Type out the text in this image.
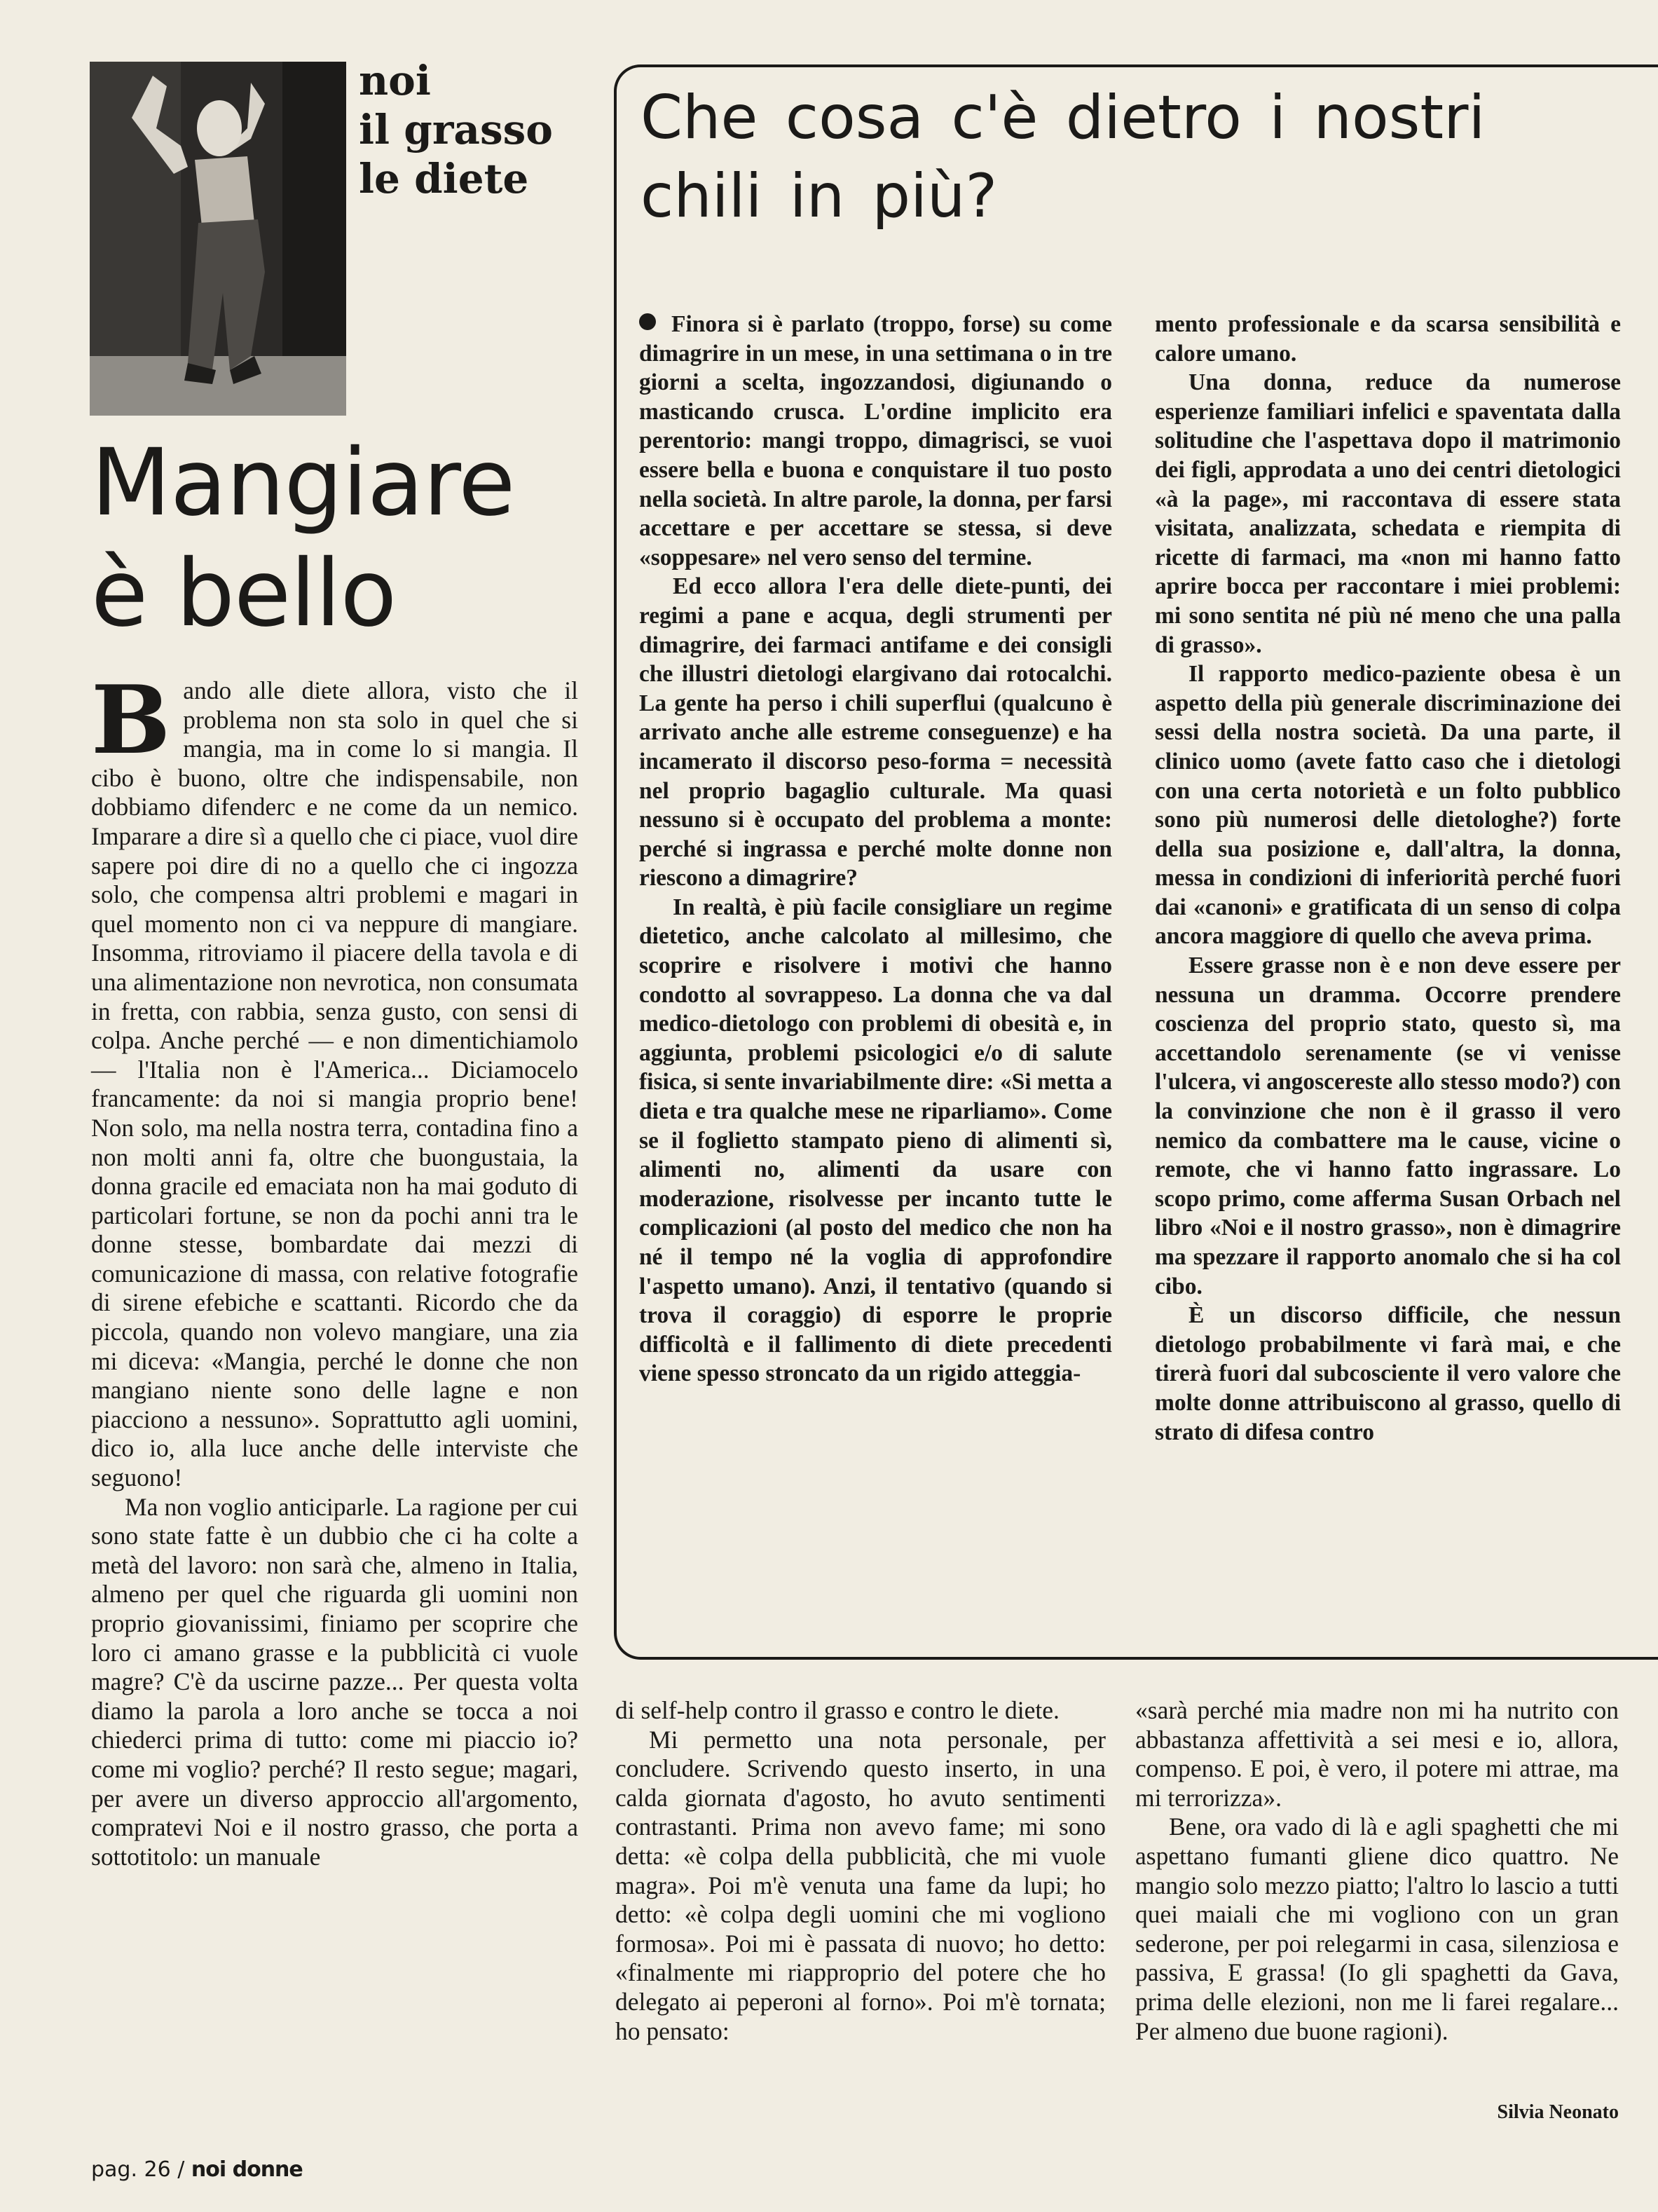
noi
il grasso
le diete
Mangiare
è bello

Bando alle diete allora, visto che il problema non sta solo in quel che si mangia, ma in come lo si mangia. Il cibo è buono, oltre che indispensabile, non dobbiamo difenderc e ne come da un nemico. Imparare a dire sì a quello che ci piace, vuol dire sapere poi dire di no a quello che ci ingozza solo, che compensa altri problemi e magari in quel momento non ci va neppure di mangiare. Insomma, ritroviamo il piacere della tavola e di una alimentazione non nevrotica, non consumata in fretta, con rabbia, senza gusto, con sensi di colpa. Anche perché — e non dimentichiamolo — l'Italia non è l'America... Diciamocelo francamente: da noi si mangia proprio bene! Non solo, ma nella nostra terra, contadina fino a non molti anni fa, oltre che buongustaia, la donna gracile ed emaciata non ha mai goduto di particolari fortune, se non da pochi anni tra le donne stesse, bombardate dai mezzi di comunicazione di massa, con relative fotografie di sirene efebiche e scattanti. Ricordo che da piccola, quando non volevo mangiare, una zia mi diceva: «Mangia, perché le donne che non mangiano niente sono delle lagne e non piacciono a nessuno». Soprattutto agli uomini, dico io, alla luce anche delle interviste che seguono!

Ma non voglio anticiparle. La ragione per cui sono state fatte è un dubbio che ci ha colte a metà del lavoro: non sarà che, almeno in Italia, almeno per quel che riguarda gli uomini non proprio giovanissimi, finiamo per scoprire che loro ci amano grasse e la pubblicità ci vuole magre? C'è da uscirne pazze... Per questa volta diamo la parola a loro anche se tocca a noi chiederci prima di tutto: come mi piaccio io? come mi voglio? perché? Il resto segue; magari, per avere un diverso approccio all'argomento, compratevi Noi e il nostro grasso, che porta a sottotitolo: un manuale

Che cosa c'è dietro i nostri
chili in più?

Finora si è parlato (troppo, forse) su come dimagrire in un mese, in una settimana o in tre giorni a scelta, ingozzandosi, digiunando o masticando crusca. L'ordine implicito era perentorio: mangi troppo, dimagrisci, se vuoi essere bella e buona e conquistare il tuo posto nella società. In altre parole, la donna, per farsi accettare e per accettare se stessa, si deve «soppesare» nel vero senso del termine.

Ed ecco allora l'era delle diete-punti, dei regimi a pane e acqua, degli strumenti per dimagrire, dei farmaci antifame e dei consigli che illustri dietologi elargivano dai rotocalchi. La gente ha perso i chili superflui (qualcuno è arrivato anche alle estreme conseguenze) e ha incamerato il discorso peso-forma = necessità nel proprio bagaglio culturale. Ma quasi nessuno si è occupato del problema a monte: perché si ingrassa e perché molte donne non riescono a dimagrire?

In realtà, è più facile consigliare un regime dietetico, anche calcolato al millesimo, che scoprire e risolvere i motivi che hanno condotto al sovrappeso. La donna che va dal medico-dietologo con problemi di obesità e, in aggiunta, problemi psicologici e/o di salute fisica, si sente invariabilmente dire: «Si metta a dieta e tra qualche mese ne riparliamo». Come se il foglietto stampato pieno di alimenti sì, alimenti no, alimenti da usare con moderazione, risolvesse per incanto tutte le complicazioni (al posto del medico che non ha né il tempo né la voglia di approfondire l'aspetto umano). Anzi, il tentativo (quando si trova il coraggio) di esporre le proprie difficoltà e il fallimento di diete precedenti viene spesso stroncato da un rigido atteggia-

mento professionale e da scarsa sensibilità e calore umano.

Una donna, reduce da numerose esperienze familiari infelici e spaventata dalla solitudine che l'aspettava dopo il matrimonio dei figli, approdata a uno dei centri dietologici «à la page», mi raccontava di essere stata visitata, analizzata, schedata e riempita di ricette di farmaci, ma «non mi hanno fatto aprire bocca per raccontare i miei problemi: mi sono sentita né più né meno che una palla di grasso».

Il rapporto medico-paziente obesa è un aspetto della più generale discriminazione dei sessi della nostra società. Da una parte, il clinico uomo (avete fatto caso che i dietologi con una certa notorietà e un folto pubblico sono più numerosi delle dietologhe?) forte della sua posizione e, dall'altra, la donna, messa in condizioni di inferiorità perché fuori dai «canoni» e gratificata di un senso di colpa ancora maggiore di quello che aveva prima.

Essere grasse non è e non deve essere per nessuna un dramma. Occorre prendere coscienza del proprio stato, questo sì, ma accettandolo serenamente (se vi venisse l'ulcera, vi angoscereste allo stesso modo?) con la convinzione che non è il grasso il vero nemico da combattere ma le cause, vicine o remote, che vi hanno fatto ingrassare. Lo scopo primo, come afferma Susan Orbach nel libro «Noi e il nostro grasso», non è dimagrire ma spezzare il rapporto anomalo che si ha col cibo.

È un discorso difficile, che nessun dietologo probabilmente vi farà mai, e che tirerà fuori dal subcosciente il vero valore che molte donne attribuiscono al grasso, quello di strato di difesa contro

di self-help contro il grasso e contro le diete.

Mi permetto una nota personale, per concludere. Scrivendo questo inserto, in una calda giornata d'agosto, ho avuto sentimenti contrastanti. Prima non avevo fame; mi sono detta: «è colpa della pubblicità, che mi vuole magra». Poi m'è venuta una fame da lupi; ho detto: «è colpa degli uomini che mi vogliono formosa». Poi mi è passata di nuovo; ho detto: «finalmente mi riapproprio del potere che ho delegato ai peperoni al forno». Poi m'è tornata; ho pensato:

«sarà perché mia madre non mi ha nutrito con abbastanza affettività a sei mesi e io, allora, compenso. E poi, è vero, il potere mi attrae, ma mi terrorizza».

Bene, ora vado di là e agli spaghetti che mi aspettano fumanti gliene dico quattro. Ne mangio solo mezzo piatto; l'altro lo lascio a tutti quei maiali che mi vogliono con un gran sederone, per poi relegarmi in casa, silenziosa e passiva, E grassa! (Io gli spaghetti da Gava, prima delle elezioni, non me li farei regalare... Per almeno due buone ragioni).

Silvia Neonato
pag. 26 / noi donne
